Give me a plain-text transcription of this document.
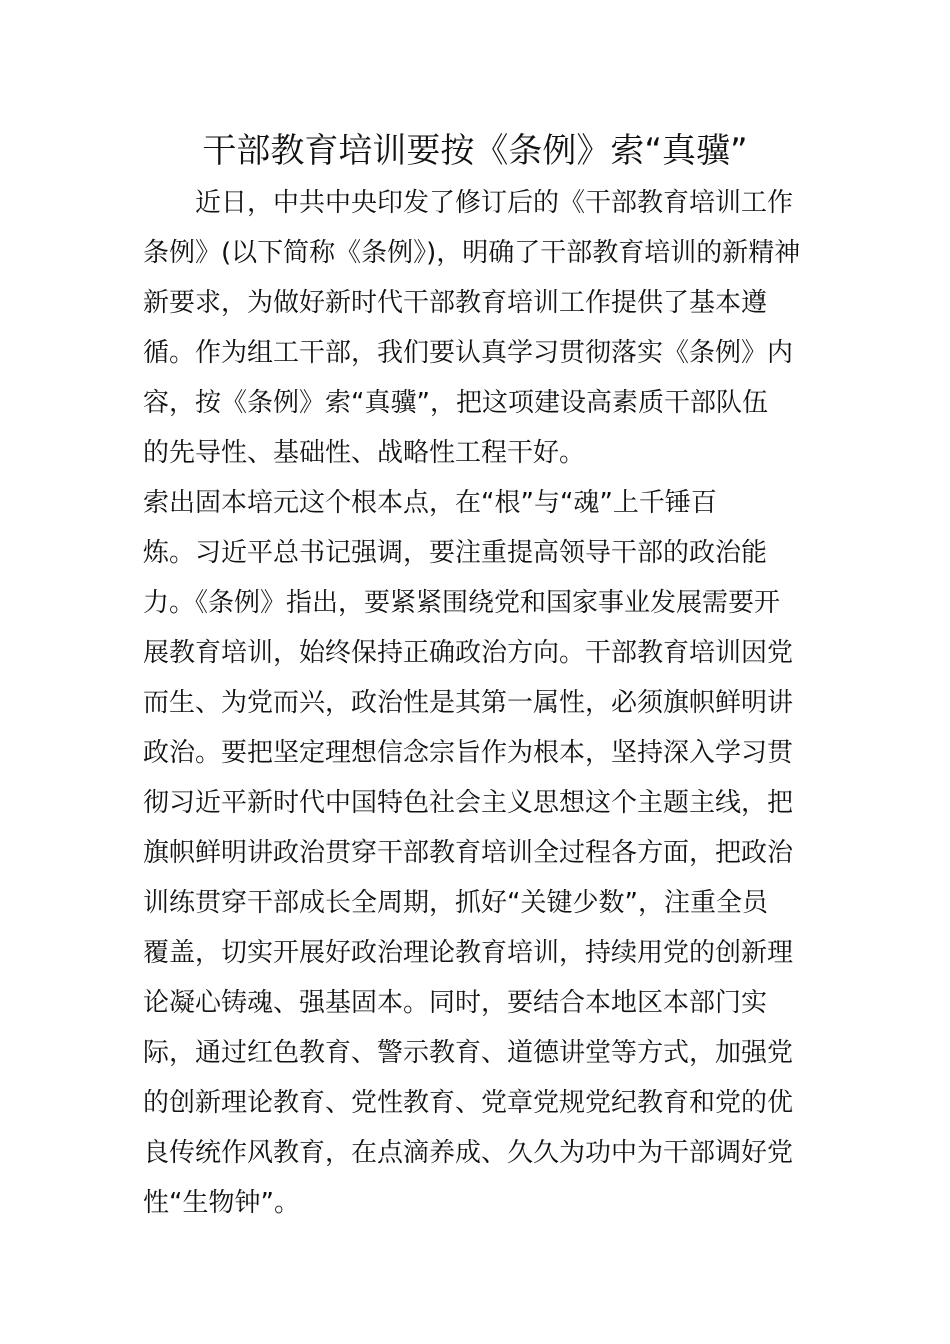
干部教育培训要按《条例》索“真骥”
　　近日，中共中央印发了修订后的《干部教育培训工作
条例》(以下简称《条例》)，明确了干部教育培训的新精神
新要求，为做好新时代干部教育培训工作提供了基本遵
循。作为组工干部，我们要认真学习贯彻落实《条例》内
容，按《条例》索“真骥”，把这项建设高素质干部队伍
的先导性、基础性、战略性工程干好。
索出固本培元这个根本点，在“根”与“魂”上千锤百
炼。习近平总书记强调，要注重提高领导干部的政治能
力。《条例》指出，要紧紧围绕党和国家事业发展需要开
展教育培训，始终保持正确政治方向。干部教育培训因党
而生、为党而兴，政治性是其第一属性，必须旗帜鲜明讲
政治。要把坚定理想信念宗旨作为根本，坚持深入学习贯
彻习近平新时代中国特色社会主义思想这个主题主线，把
旗帜鲜明讲政治贯穿干部教育培训全过程各方面，把政治
训练贯穿干部成长全周期，抓好“关键少数”，注重全员
覆盖，切实开展好政治理论教育培训，持续用党的创新理
论凝心铸魂、强基固本。同时，要结合本地区本部门实
际，通过红色教育、警示教育、道德讲堂等方式，加强党
的创新理论教育、党性教育、党章党规党纪教育和党的优
良传统作风教育，在点滴养成、久久为功中为干部调好党
性“生物钟”。
